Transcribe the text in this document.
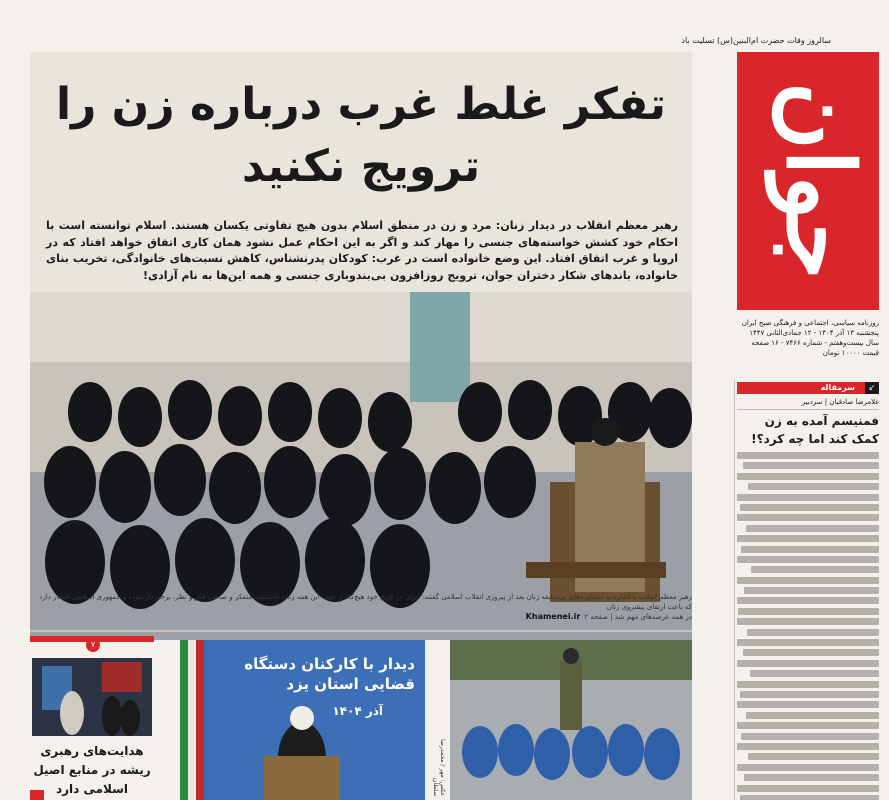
سالروز وفات حضرت ام‌البنین(س) تسلیت باد
جوان
روزنامه سیاسی، اجتماعی و فرهنگی صبح ایران
پنجشنبه ۱۳ آذر ۱۴۰۴ - ۱۲ جمادی‌الثانی ۱۴۴۷
سال بیست‌وهفتم - شماره ۷۴۶۶ - ۱۶ صفحه
قیمت ۱۰۰۰۰ تومان
تفکر غلط غرب درباره زن را
ترویج نکنید
رهبر معظم انقلاب در دیدار زنان: مرد و زن در منطق اسلام بدون هیچ تفاوتی یکسان هستند. اسلام توانسته است با احکام خود کشش خواسته‌های جنسی را مهار کند و اگر به این احکام عمل نشود همان کاری اتفاق خواهد افتاد که در اروپا و غرب اتفاق افتاد. این وضع خانواده است در غرب: کودکان پدرنشناس، کاهش نسبت‌های خانوادگی، تخریب بنای خانواده، باندهای شکار دختران جوان، ترویج روزافزون بی‌بندوباری جنسی و همه این‌ها به نام آزادی!
رهبر معظم انقلاب با اشاره به دستاوردهای بی‌سابقه زنان بعد از پیروزی انقلاب اسلامی گفتند: ایران در تاریخ خود هیچ‌گاه از حیث این همه زنان دانشمند، متفکر و صاحب فکر و نظر، برخوردار نبوده و جمهوری اسلامی افتخار دارد که باعث ارتقای پیشروی زنان
در همه عرصه‌های مهم شد | صفحه ۲
Khamenei.ir
سرمقاله	↙
غلامرضا صادقیان | سردبیر
فمنیسم آمده به زن کمک کند اما چه کرد؟!
۷
هدایت‌های رهبری ریشه در منابع اصیل اسلامی دارد
دیدار با کارکنان دستگاه قضایی استان یزد
آذر ۱۴۰۴
عکس: مهر / محمدرضا سلطان
